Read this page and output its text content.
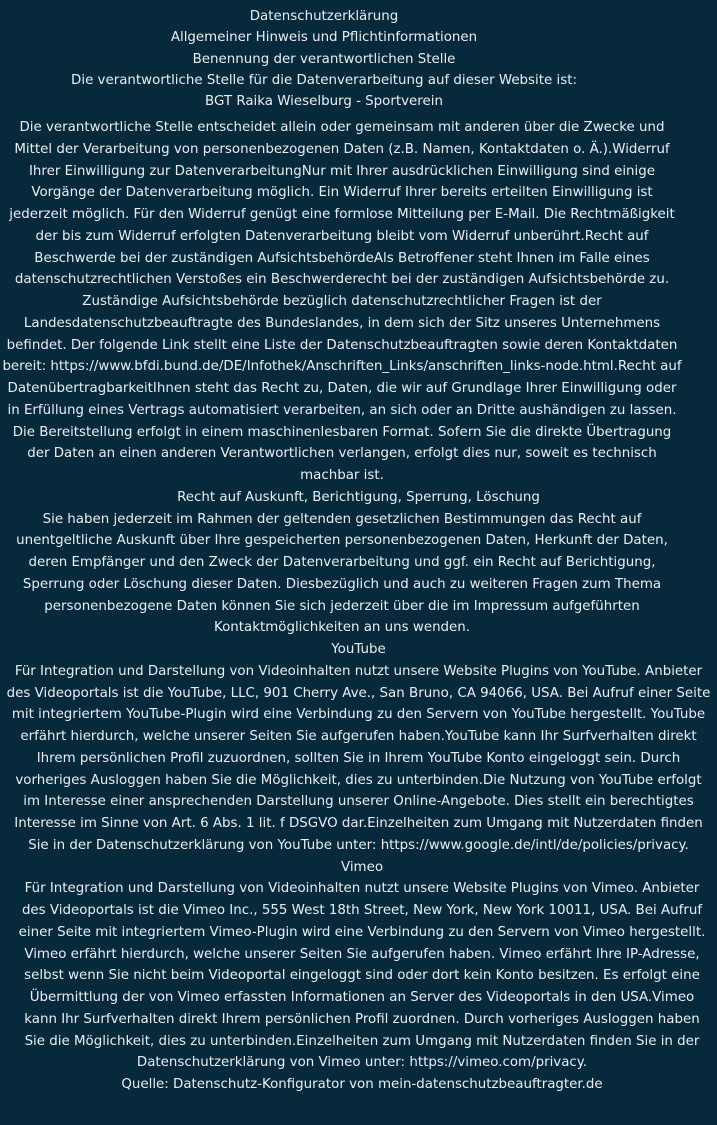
Datenschutzerklärung
Allgemeiner Hinweis und Pflichtinformationen
Benennung der verantwortlichen Stelle
Die verantwortliche Stelle für die Datenverarbeitung auf dieser Website ist:
BGT Raika Wieselburg - Sportverein
Die verantwortliche Stelle entscheidet allein oder gemeinsam mit anderen über die Zwecke und Mittel der Verarbeitung von personenbezogenen Daten (z.B. Namen, Kontaktdaten o. Ä.).Widerruf Ihrer Einwilligung zur DatenverarbeitungNur mit Ihrer ausdrücklichen Einwilligung sind einige Vorgänge der Datenverarbeitung möglich. Ein Widerruf Ihrer bereits erteilten Einwilligung ist jederzeit möglich. Für den Widerruf genügt eine formlose Mitteilung per E-Mail. Die Rechtmäßigkeit der bis zum Widerruf erfolgten Datenverarbeitung bleibt vom Widerruf unberührt.Recht auf Beschwerde bei der zuständigen AufsichtsbehördeAls Betroffener steht Ihnen im Falle eines datenschutzrechtlichen Verstoßes ein Beschwerderecht bei der zuständigen Aufsichtsbehörde zu. Zuständige Aufsichtsbehörde bezüglich datenschutzrechtlicher Fragen ist der Landesdatenschutzbeauftragte des Bundeslandes, in dem sich der Sitz unseres Unternehmens befindet. Der folgende Link stellt eine Liste der Datenschutzbeauftragten sowie deren Kontaktdaten bereit: https://www.bfdi.bund.de/DE/Infothek/Anschriften_Links/anschriften_links-node.html.Recht auf DatenübertragbarkeitIhnen steht das Recht zu, Daten, die wir auf Grundlage Ihrer Einwilligung oder in Erfüllung eines Vertrags automatisiert verarbeiten, an sich oder an Dritte aushändigen zu lassen. Die Bereitstellung erfolgt in einem maschinenlesbaren Format. Sofern Sie die direkte Übertragung der Daten an einen anderen Verantwortlichen verlangen, erfolgt dies nur, soweit es technisch machbar ist.
Recht auf Auskunft, Berichtigung, Sperrung, Löschung
Sie haben jederzeit im Rahmen der geltenden gesetzlichen Bestimmungen das Recht auf unentgeltliche Auskunft über Ihre gespeicherten personenbezogenen Daten, Herkunft der Daten, deren Empfänger und den Zweck der Datenverarbeitung und ggf. ein Recht auf Berichtigung, Sperrung oder Löschung dieser Daten. Diesbezüglich und auch zu weiteren Fragen zum Thema personenbezogene Daten können Sie sich jederzeit über die im Impressum aufgeführten Kontaktmöglichkeiten an uns wenden.
YouTube
Für Integration und Darstellung von Videoinhalten nutzt unsere Website Plugins von YouTube. Anbieter des Videoportals ist die YouTube, LLC, 901 Cherry Ave., San Bruno, CA 94066, USA. Bei Aufruf einer Seite mit integriertem YouTube-Plugin wird eine Verbindung zu den Servern von YouTube hergestellt. YouTube erfährt hierdurch, welche unserer Seiten Sie aufgerufen haben.YouTube kann Ihr Surfverhalten direkt Ihrem persönlichen Profil zuzuordnen, sollten Sie in Ihrem YouTube Konto eingeloggt sein. Durch vorheriges Ausloggen haben Sie die Möglichkeit, dies zu unterbinden.Die Nutzung von YouTube erfolgt im Interesse einer ansprechenden Darstellung unserer Online-Angebote. Dies stellt ein berechtigtes Interesse im Sinne von Art. 6 Abs. 1 lit. f DSGVO dar.Einzelheiten zum Umgang mit Nutzerdaten finden Sie in der Datenschutzerklärung von YouTube unter: https://www.google.de/intl/de/policies/privacy.
Vimeo
Für Integration und Darstellung von Videoinhalten nutzt unsere Website Plugins von Vimeo. Anbieter des Videoportals ist die Vimeo Inc., 555 West 18th Street, New York, New York 10011, USA. Bei Aufruf einer Seite mit integriertem Vimeo-Plugin wird eine Verbindung zu den Servern von Vimeo hergestellt. Vimeo erfährt hierdurch, welche unserer Seiten Sie aufgerufen haben. Vimeo erfährt Ihre IP-Adresse, selbst wenn Sie nicht beim Videoportal eingeloggt sind oder dort kein Konto besitzen. Es erfolgt eine Übermittlung der von Vimeo erfassten Informationen an Server des Videoportals in den USA.Vimeo kann Ihr Surfverhalten direkt Ihrem persönlichen Profil zuordnen. Durch vorheriges Ausloggen haben Sie die Möglichkeit, dies zu unterbinden.Einzelheiten zum Umgang mit Nutzerdaten finden Sie in der Datenschutzerklärung von Vimeo unter: https://vimeo.com/privacy.
Quelle: Datenschutz-Konfigurator von mein-datenschutzbeauftragter.de
